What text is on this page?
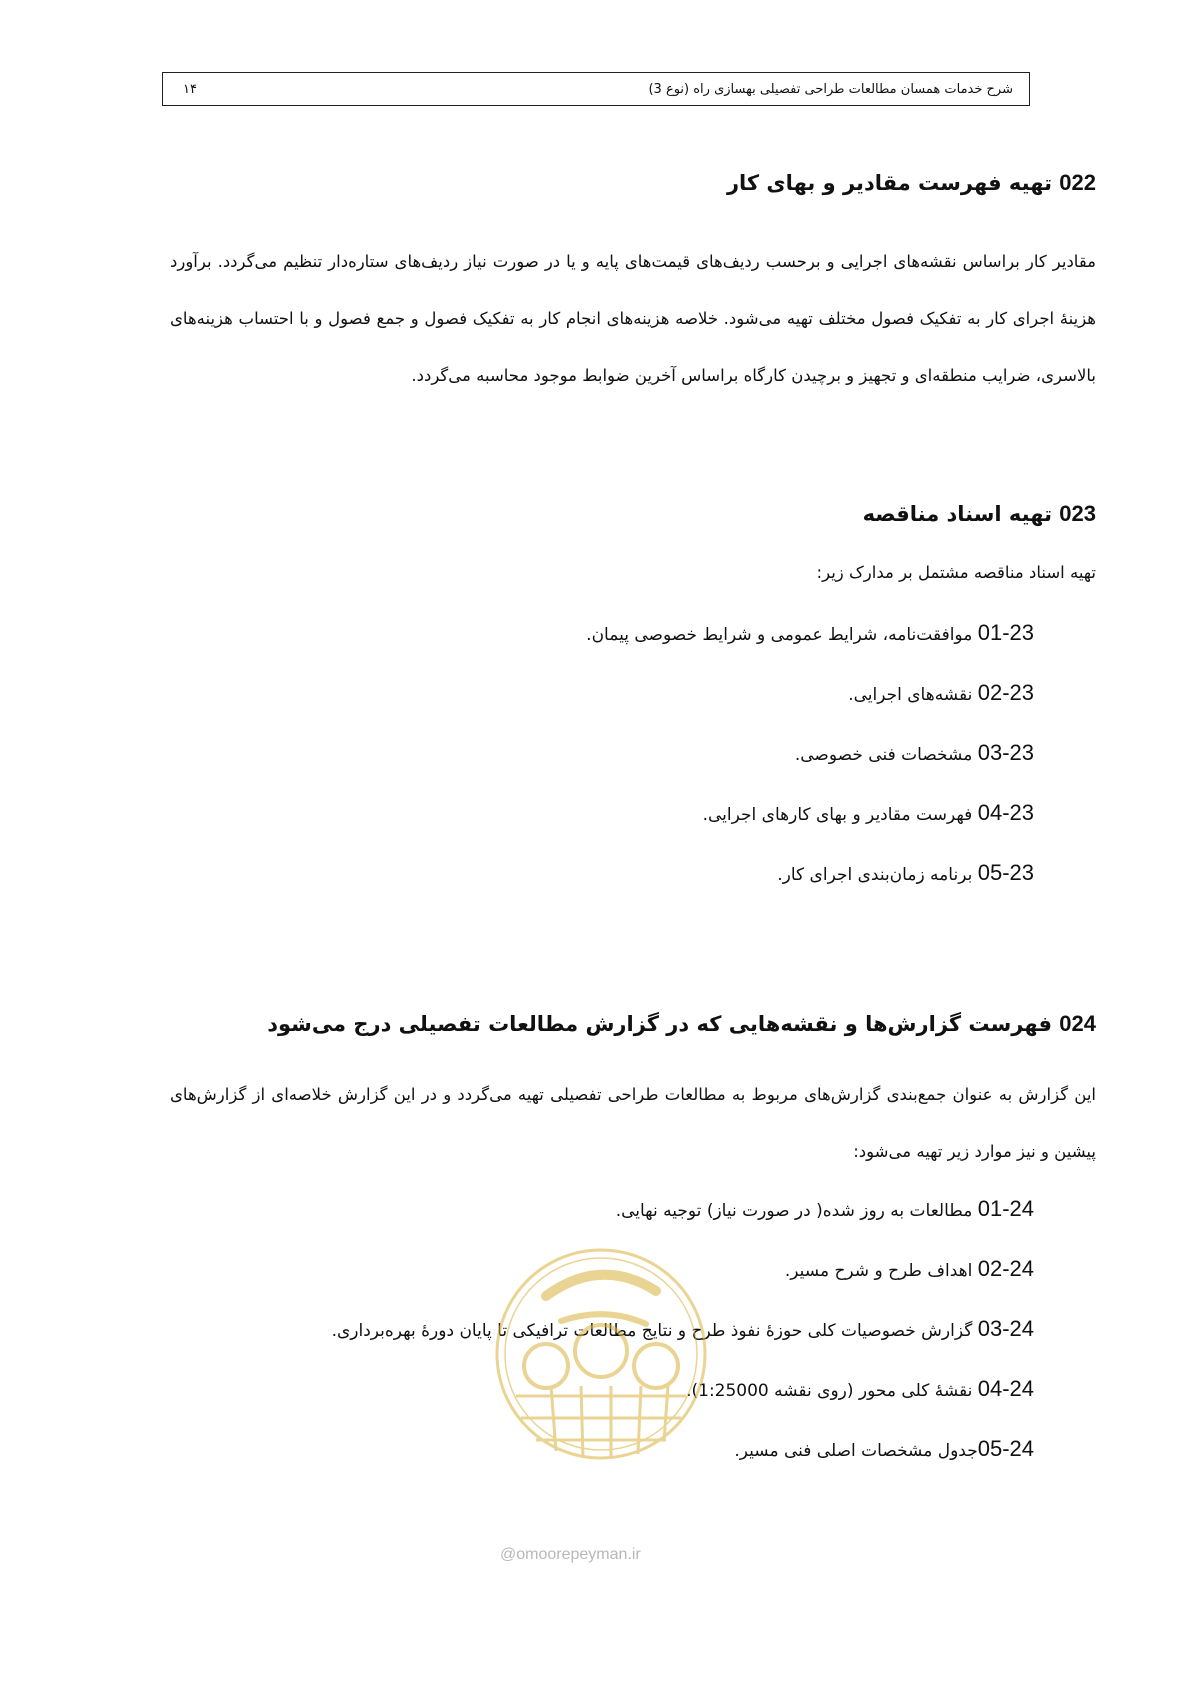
۱۴	شرح خدمات همسان مطالعات طراحی تفصیلی بهسازی راه (نوع 3)
022 تهیه فهرست مقادیر و بهای کار

مقادیر کار براساس نقشه‌های اجرایی و برحسب ردیف‌های قیمت‌های پایه و یا در صورت نیاز ردیف‌های ستاره‌دار تنظیم می‌گردد. برآورد هزینهٔ اجرای کار به تفکیک فصول مختلف تهیه می‌شود. خلاصه هزینه‌های انجام کار به تفکیک فصول و جمع فصول و با احتساب هزینه‌های بالاسری، ضرایب منطقه‌ای و تجهیز و برچیدن کارگاه براساس آخرین ضوابط موجود محاسبه می‌گردد.

023 تهیه اسناد مناقصه

تهیه اسناد مناقصه مشتمل بر مدارک زیر:

01-23 موافقت‌نامه، شرایط عمومی و شرایط خصوصی پیمان.
02-23 نقشه‌های اجرایی.
03-23 مشخصات فنی خصوصی.
04-23 فهرست مقادیر و بهای کارهای اجرایی.
05-23 برنامه زمان‌بندی اجرای کار.
024 فهرست گزارش‌ها و نقشه‌هایی که در گزارش مطالعات تفصیلی درج می‌شود

این گزارش به عنوان جمع‌بندی گزارش‌های مربوط به مطالعات طراحی تفصیلی تهیه می‌گردد و در این گزارش خلاصه‌ای از گزارش‌های پیشین و نیز موارد زیر تهیه می‌شود:

01-24 مطالعات به روز شده( در صورت نیاز) توجیه نهایی.
02-24 اهداف طرح و شرح مسیر.
03-24 گزارش خصوصیات کلی حوزهٔ نفوذ طرح و نتایج مطالعات ترافیکی تا پایان دورهٔ بهره‌برداری.
04-24 نقشهٔ کلی محور (روی نقشه 1:25000).
05-24جدول مشخصات اصلی فنی مسیر.
@omoorepeyman.ir
